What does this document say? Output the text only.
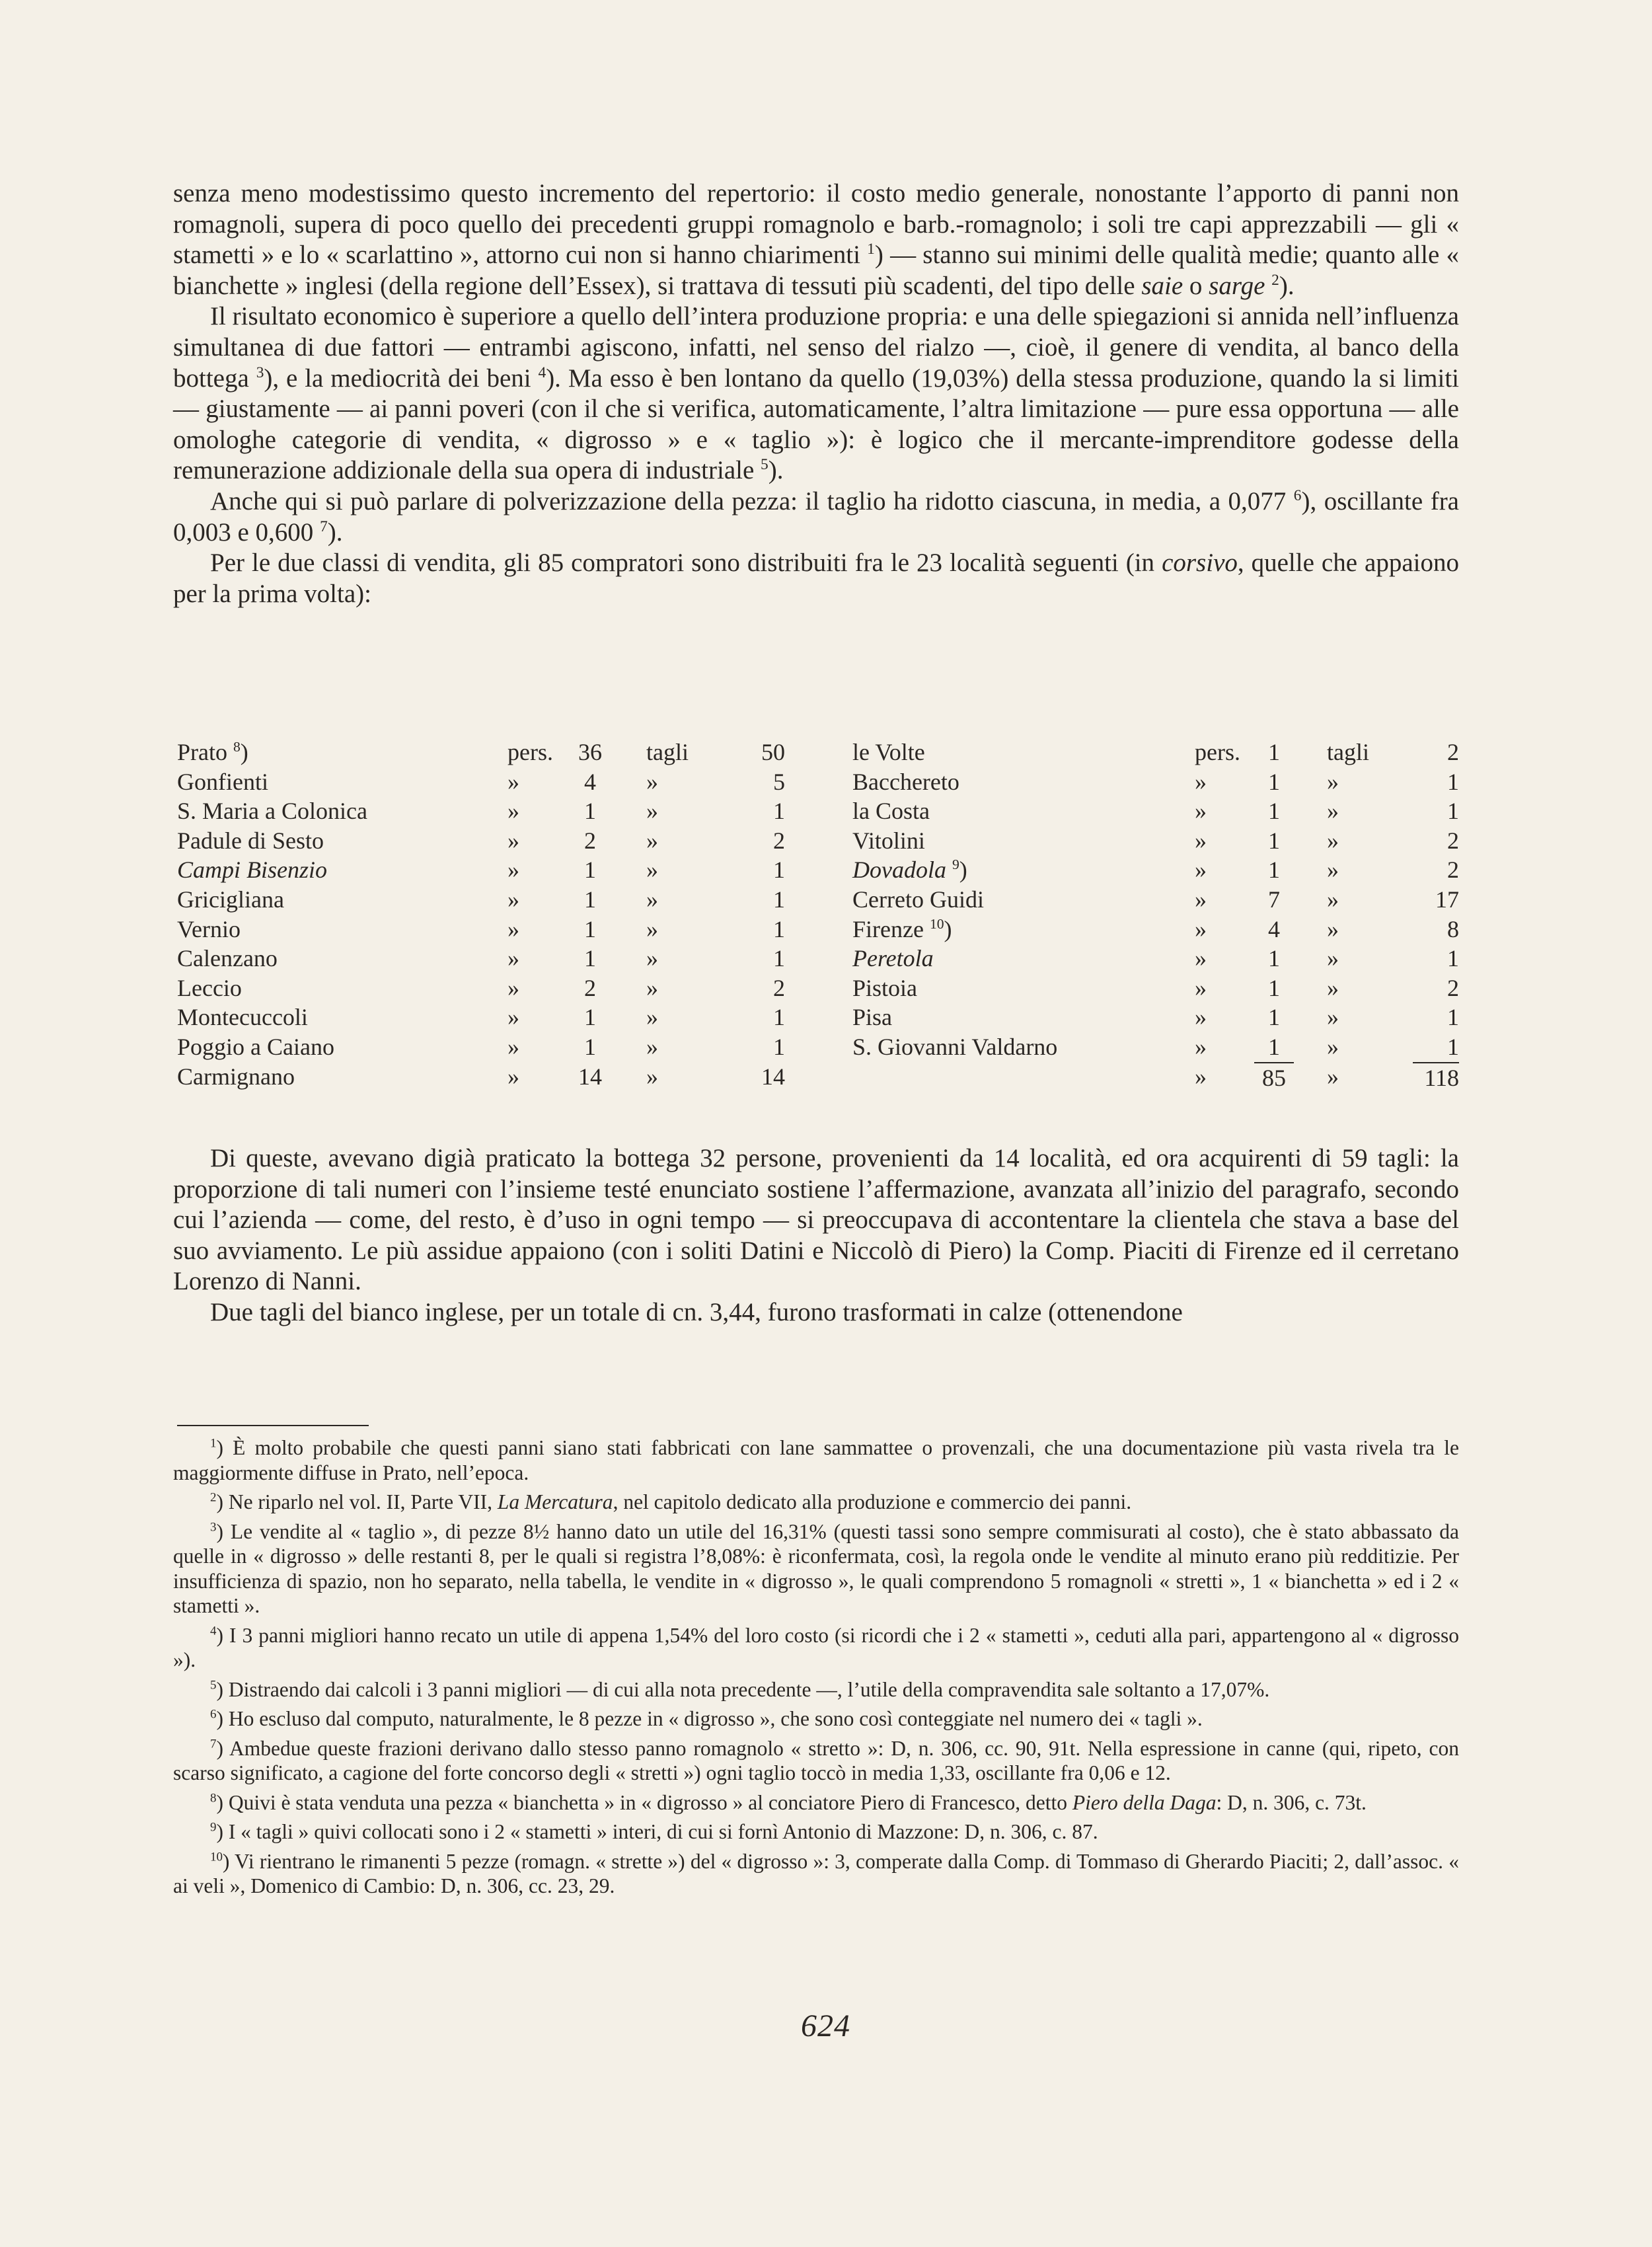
senza meno modestissimo questo incremento del repertorio: il costo medio generale, nonostante l’apporto di panni non romagnoli, supera di poco quello dei precedenti gruppi romagnolo e barb.-romagnolo; i soli tre capi apprezzabili — gli « stametti » e lo « scarlattino », attorno cui non si hanno chiarimenti $^1$) — stanno sui minimi delle qualità medie; quanto alle « bianchette » inglesi (della regione dell’Essex), si trattava di tessuti più scadenti, del tipo delle saie o sarge $^2$).

Il risultato economico è superiore a quello dell’intera produzione propria: e una delle spiegazioni si annida nell’influenza simultanea di due fattori — entrambi agiscono, infatti, nel senso del rialzo —, cioè, il genere di vendita, al banco della bottega $^3$), e la mediocrità dei beni $^4$). Ma esso è ben lontano da quello (19,03%) della stessa produzione, quando la si limiti — giustamente — ai panni poveri (con il che si verifica, automaticamente, l’altra limitazione — pure essa opportuna — alle omologhe categorie di vendita, « digrosso » e « taglio »): è logico che il mercante-imprenditore godesse della remunerazione addizionale della sua opera di industriale $^5$).

Anche qui si può parlare di polverizzazione della pezza: il taglio ha ridotto ciascuna, in media, a 0,077 $^6$), oscillante fra 0,003 e 0,600 $^7$).

Per le due classi di vendita, gli 85 compratori sono distribuiti fra le 23 località seguenti (in corsivo, quelle che appaiono per la prima volta):

Prato $^8$)	pers.	36	tagli	50
Gonfienti	»	4	»	5
S. Maria a Colonica	»	1	»	1
Padule di Sesto	»	2	»	2
Campi Bisenzio	»	1	»	1
Gricigliana	»	1	»	1
Vernio	»	1	»	1
Calenzano	»	1	»	1
Leccio	»	2	»	2
Montecuccoli	»	1	»	1
Poggio a Caiano	»	1	»	1
Carmignano	»	14	»	14
le Volte	pers.	1	tagli	2
Bacchereto	»	1	»	1
la Costa	»	1	»	1
Vitolini	»	1	»	2
Dovadola $^9$)	»	1	»	2
Cerreto Guidi	»	7	»	17
Firenze $^{10}$)	»	4	»	8
Peretola	»	1	»	1
Pistoia	»	1	»	2
Pisa	»	1	»	1
S. Giovanni Valdarno	»	1	»	1
»	85	»	118

Di queste, avevano digià praticato la bottega 32 persone, provenienti da 14 località, ed ora acquirenti di 59 tagli: la proporzione di tali numeri con l’insieme testé enunciato sostiene l’affermazione, avanzata all’inizio del paragrafo, secondo cui l’azienda — come, del resto, è d’uso in ogni tempo — si preoccupava di accontentare la clientela che stava a base del suo avviamento. Le più assidue appaiono (con i soliti Datini e Niccolò di Piero) la Comp. Piaciti di Firenze ed il cerretano Lorenzo di Nanni.

Due tagli del bianco inglese, per un totale di cn. 3,44, furono trasformati in calze (ottenendone

$^1$) È molto probabile che questi panni siano stati fabbricati con lane sammattee o provenzali, che una documentazione più vasta rivela tra le maggiormente diffuse in Prato, nell’epoca.

$^2$) Ne riparlo nel vol. II, Parte VII, La Mercatura, nel capitolo dedicato alla produzione e commercio dei panni.

$^3$) Le vendite al « taglio », di pezze 8½ hanno dato un utile del 16,31% (questi tassi sono sempre commisurati al costo), che è stato abbassato da quelle in « digrosso » delle restanti 8, per le quali si registra l’8,08%: è riconfermata, così, la regola onde le vendite al minuto erano più redditizie. Per insufficienza di spazio, non ho separato, nella tabella, le vendite in « digrosso », le quali comprendono 5 romagnoli « stretti », 1 « bianchetta » ed i 2 « stametti ».

$^4$) I 3 panni migliori hanno recato un utile di appena 1,54% del loro costo (si ricordi che i 2 « stametti », ceduti alla pari, appartengono al « digrosso »).

$^5$) Distraendo dai calcoli i 3 panni migliori — di cui alla nota precedente —, l’utile della compravendita sale soltanto a 17,07%.

$^6$) Ho escluso dal computo, naturalmente, le 8 pezze in « digrosso », che sono così conteggiate nel numero dei « tagli ».

$^7$) Ambedue queste frazioni derivano dallo stesso panno romagnolo « stretto »: D, n. 306, cc. 90, 91t. Nella espressione in canne (qui, ripeto, con scarso significato, a cagione del forte concorso degli « stretti ») ogni taglio toccò in media 1,33, oscillante fra 0,06 e 12.

$^8$) Quivi è stata venduta una pezza « bianchetta » in « digrosso » al conciatore Piero di Francesco, detto Piero della Daga: D, n. 306, c. 73t.

$^9$) I « tagli » quivi collocati sono i 2 « stametti » interi, di cui si fornì Antonio di Mazzone: D, n. 306, c. 87.

$^{10}$) Vi rientrano le rimanenti 5 pezze (romagn. « strette ») del « digrosso »: 3, comperate dalla Comp. di Tommaso di Gherardo Piaciti; 2, dall’assoc. « ai veli », Domenico di Cambio: D, n. 306, cc. 23, 29.

624
